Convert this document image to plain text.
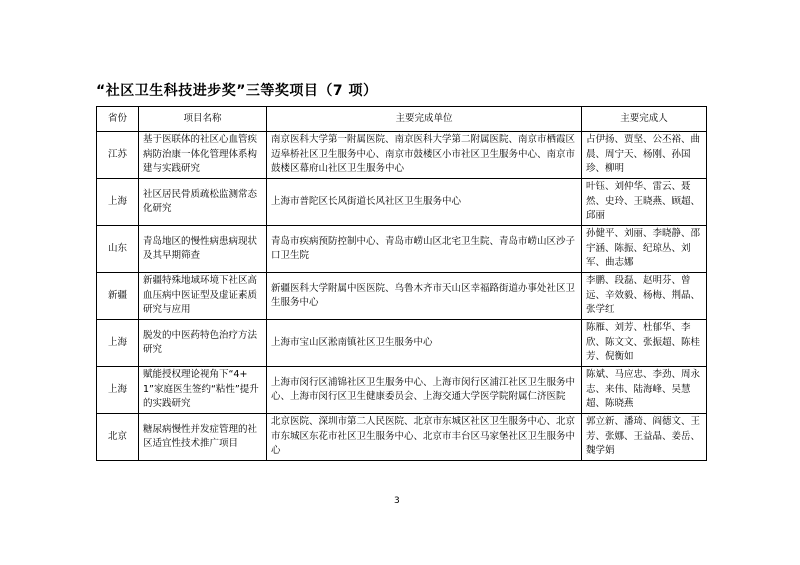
“社区卫生科技进步奖”三等奖项目（7 项）
省份	项目名称	主要完成单位	主要完成人
江苏	基于医联体的社区心血管疾病防治康一体化管理体系构建与实践研究	南京医科大学第一附属医院、南京医科大学第二附属医院、南京市栖霞区迈皋桥社区卫生服务中心、南京市鼓楼区小市社区卫生服务中心、南京市鼓楼区幕府山社区卫生服务中心	占伊扬、贾坚、公丕裕、曲晨、周宁天、杨刚、孙国珍、柳明
上海	社区居民骨质疏松监测常态化研究	上海市普陀区长风街道长风社区卫生服务中心	叶钰、刘仲华、雷云、聂然、史玲、王晓燕、顾超、邱丽
山东	青岛地区的慢性病患病现状及其早期筛查	青岛市疾病预防控制中心、青岛市崂山区北宅卫生院、青岛市崂山区沙子口卫生院	孙健平、刘丽、李晓静、邵宇涵、陈振、纪琼丛、刘军、曲志娜
新疆	新疆特殊地域环境下社区高血压病中医证型及虚证素质研究与应用	新疆医科大学附属中医医院、乌鲁木齐市天山区幸福路街道办事处社区卫生服务中心	李鹏、段磊、赵明芬、曾远、辛效毅、杨梅、荆晶、张学红
上海	脱发的中医药特色治疗方法研究	上海市宝山区淞南镇社区卫生服务中心	陈雁、刘芳、杜郁华、李欣、陈文文、张振超、陈桂芳、倪衡如
上海	赋能授权理论视角下“4+1”家庭医生签约“粘性”提升的实践研究	上海市闵行区浦锦社区卫生服务中心、上海市闵行区浦江社区卫生服务中心、上海市闵行区卫生健康委员会、上海交通大学医学院附属仁济医院	陈斌、马应忠、李劲、周永志、来伟、陆海峰、吴慧超、陈晓燕
北京	糖尿病慢性并发症管理的社区适宜性技术推广项目	北京医院、深圳市第二人民医院、北京市东城区社区卫生服务中心、北京市东城区东花市社区卫生服务中心、北京市丰台区马家堡社区卫生服务中心	郭立新、潘琦、阎德文、王芳、张娜、王益晶、姜岳、魏学娟
3
